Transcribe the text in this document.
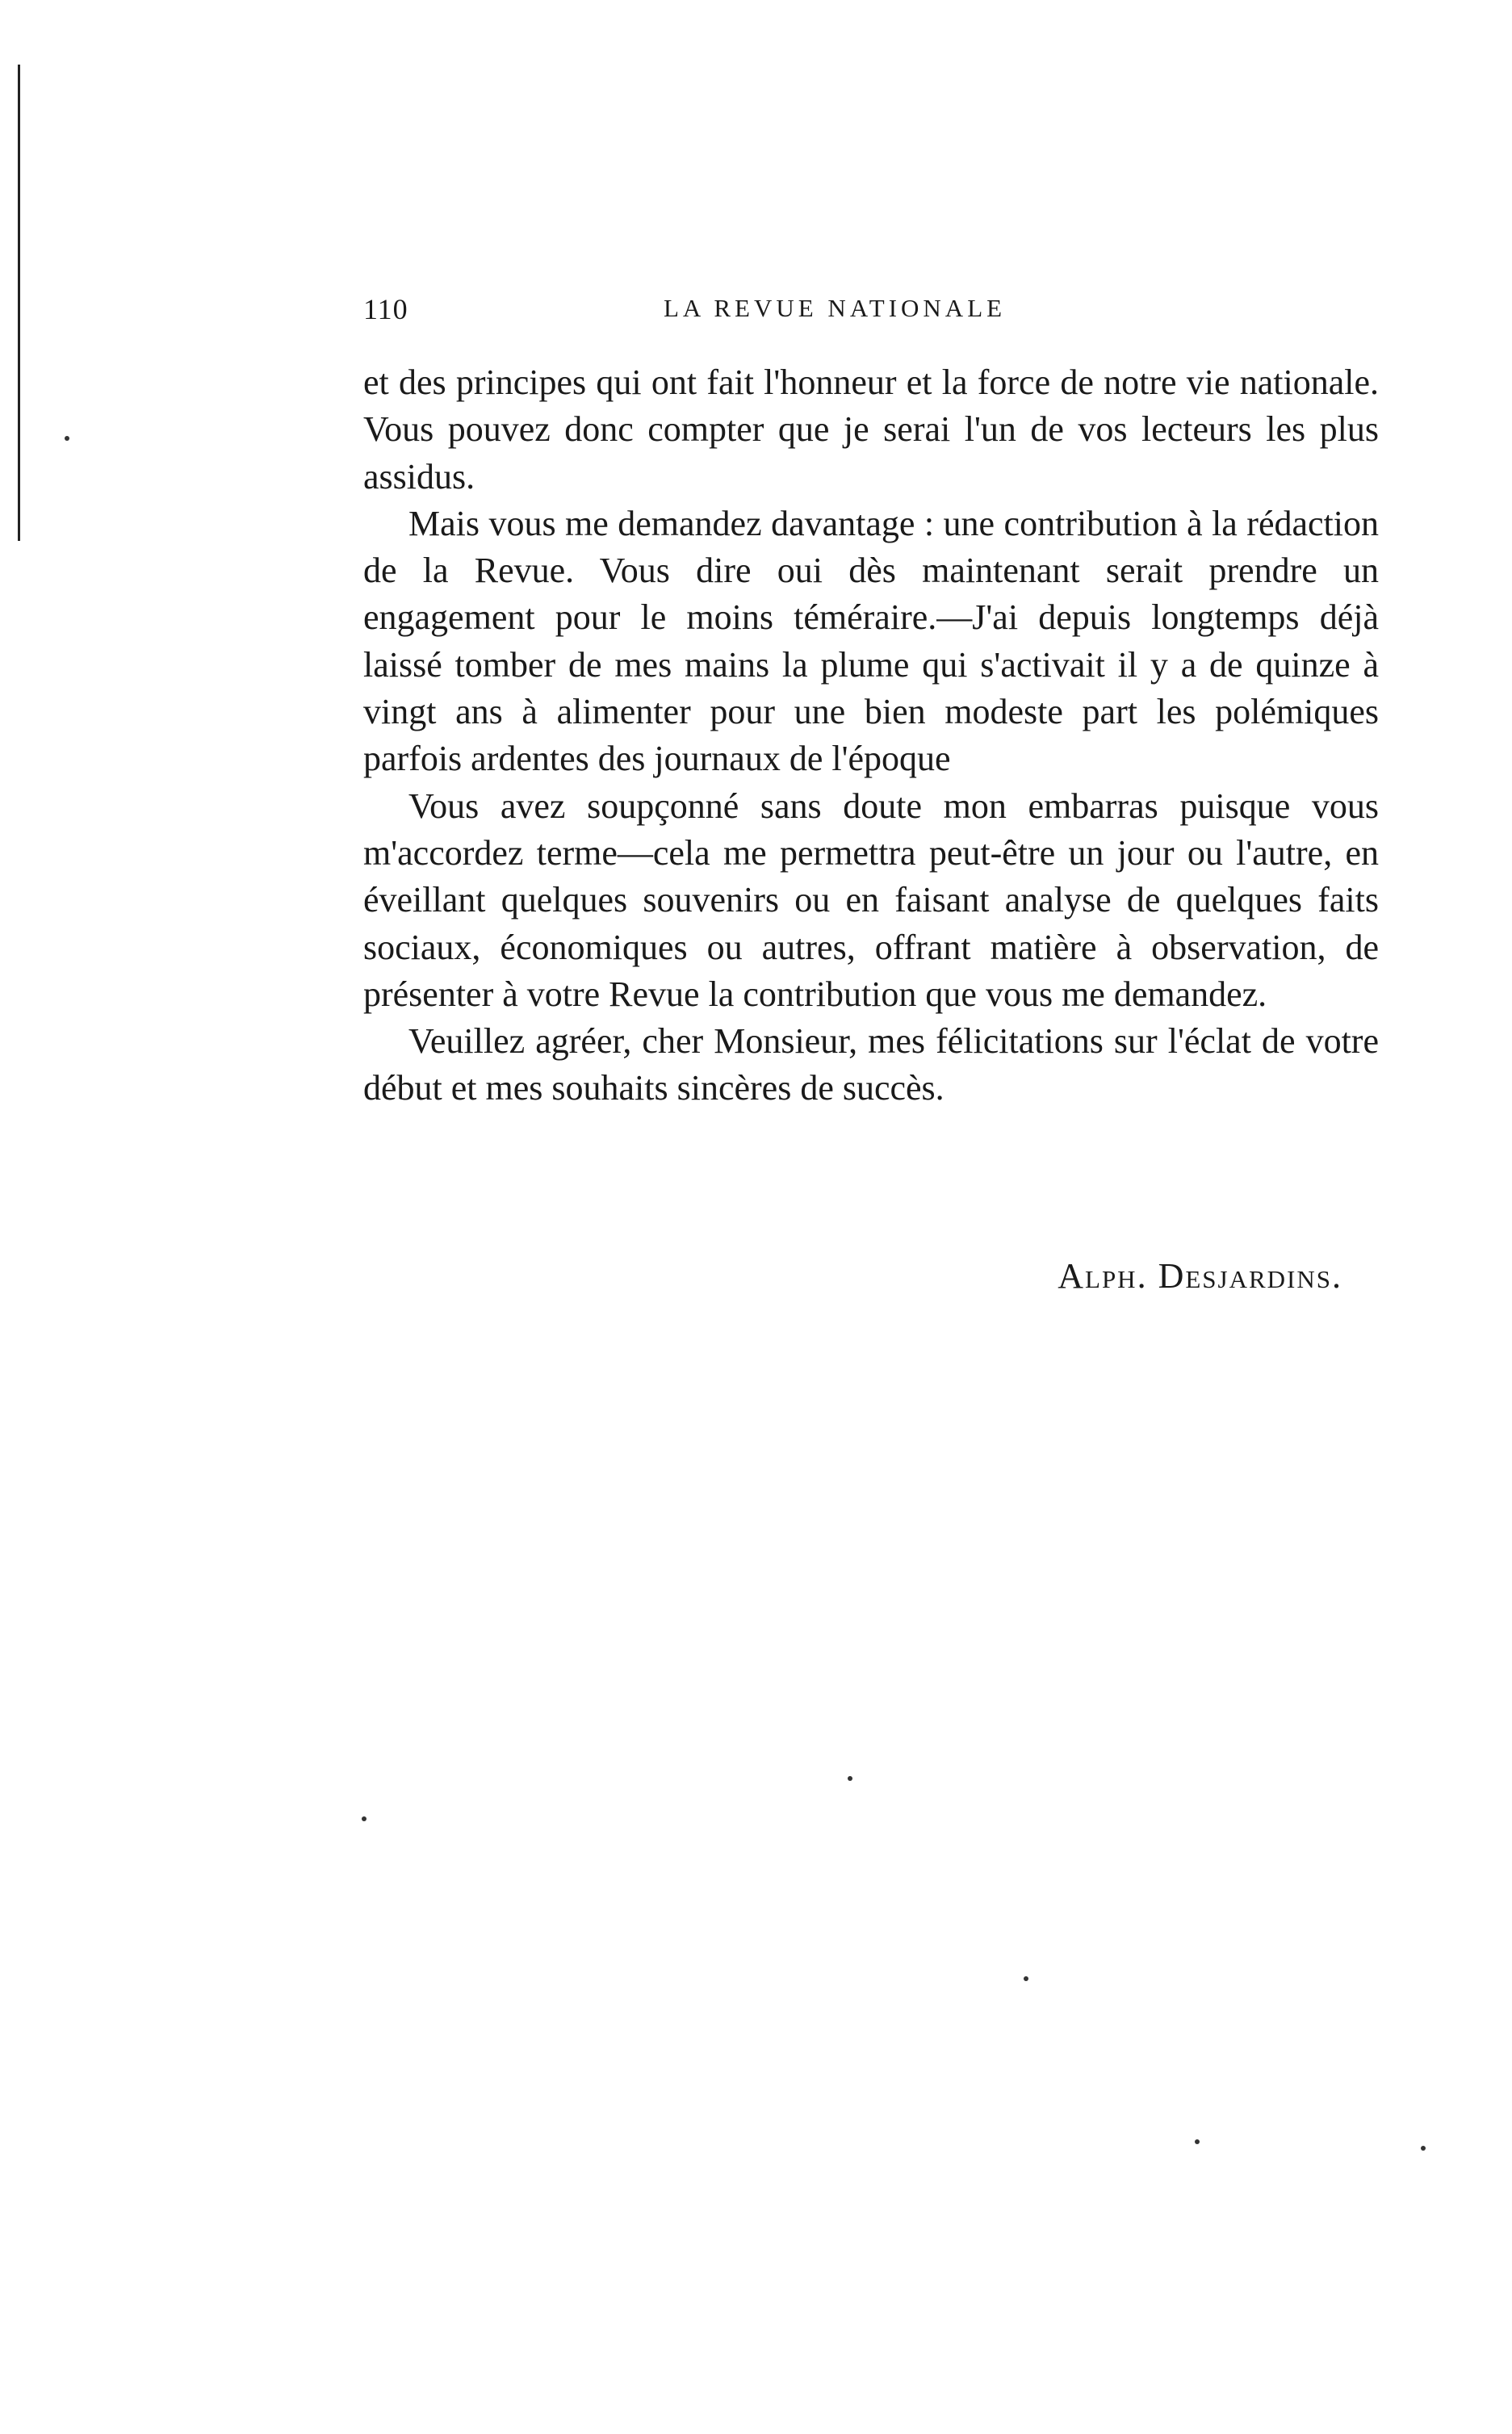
110	LA REVUE NATIONALE

et des principes qui ont fait l'honneur et la force de notre vie nationale. Vous pouvez donc compter que je serai l'un de vos lecteurs les plus assidus.

Mais vous me demandez davantage : une contribution à la rédaction de la Revue. Vous dire oui dès maintenant serait prendre un engagement pour le moins téméraire.—J'ai depuis longtemps déjà laissé tomber de mes mains la plume qui s'activait il y a de quinze à vingt ans à alimenter pour une bien modeste part les polémiques parfois ardentes des journaux de l'époque

Vous avez soupçonné sans doute mon embarras puisque vous m'accordez terme—cela me permettra peut-être un jour ou l'autre, en éveillant quelques souvenirs ou en faisant analyse de quelques faits sociaux, économiques ou autres, offrant matière à observation, de présenter à votre Revue la contribution que vous me demandez.

Veuillez agréer, cher Monsieur, mes félicitations sur l'éclat de votre début et mes souhaits sincères de succès.

Alph. Desjardins.
